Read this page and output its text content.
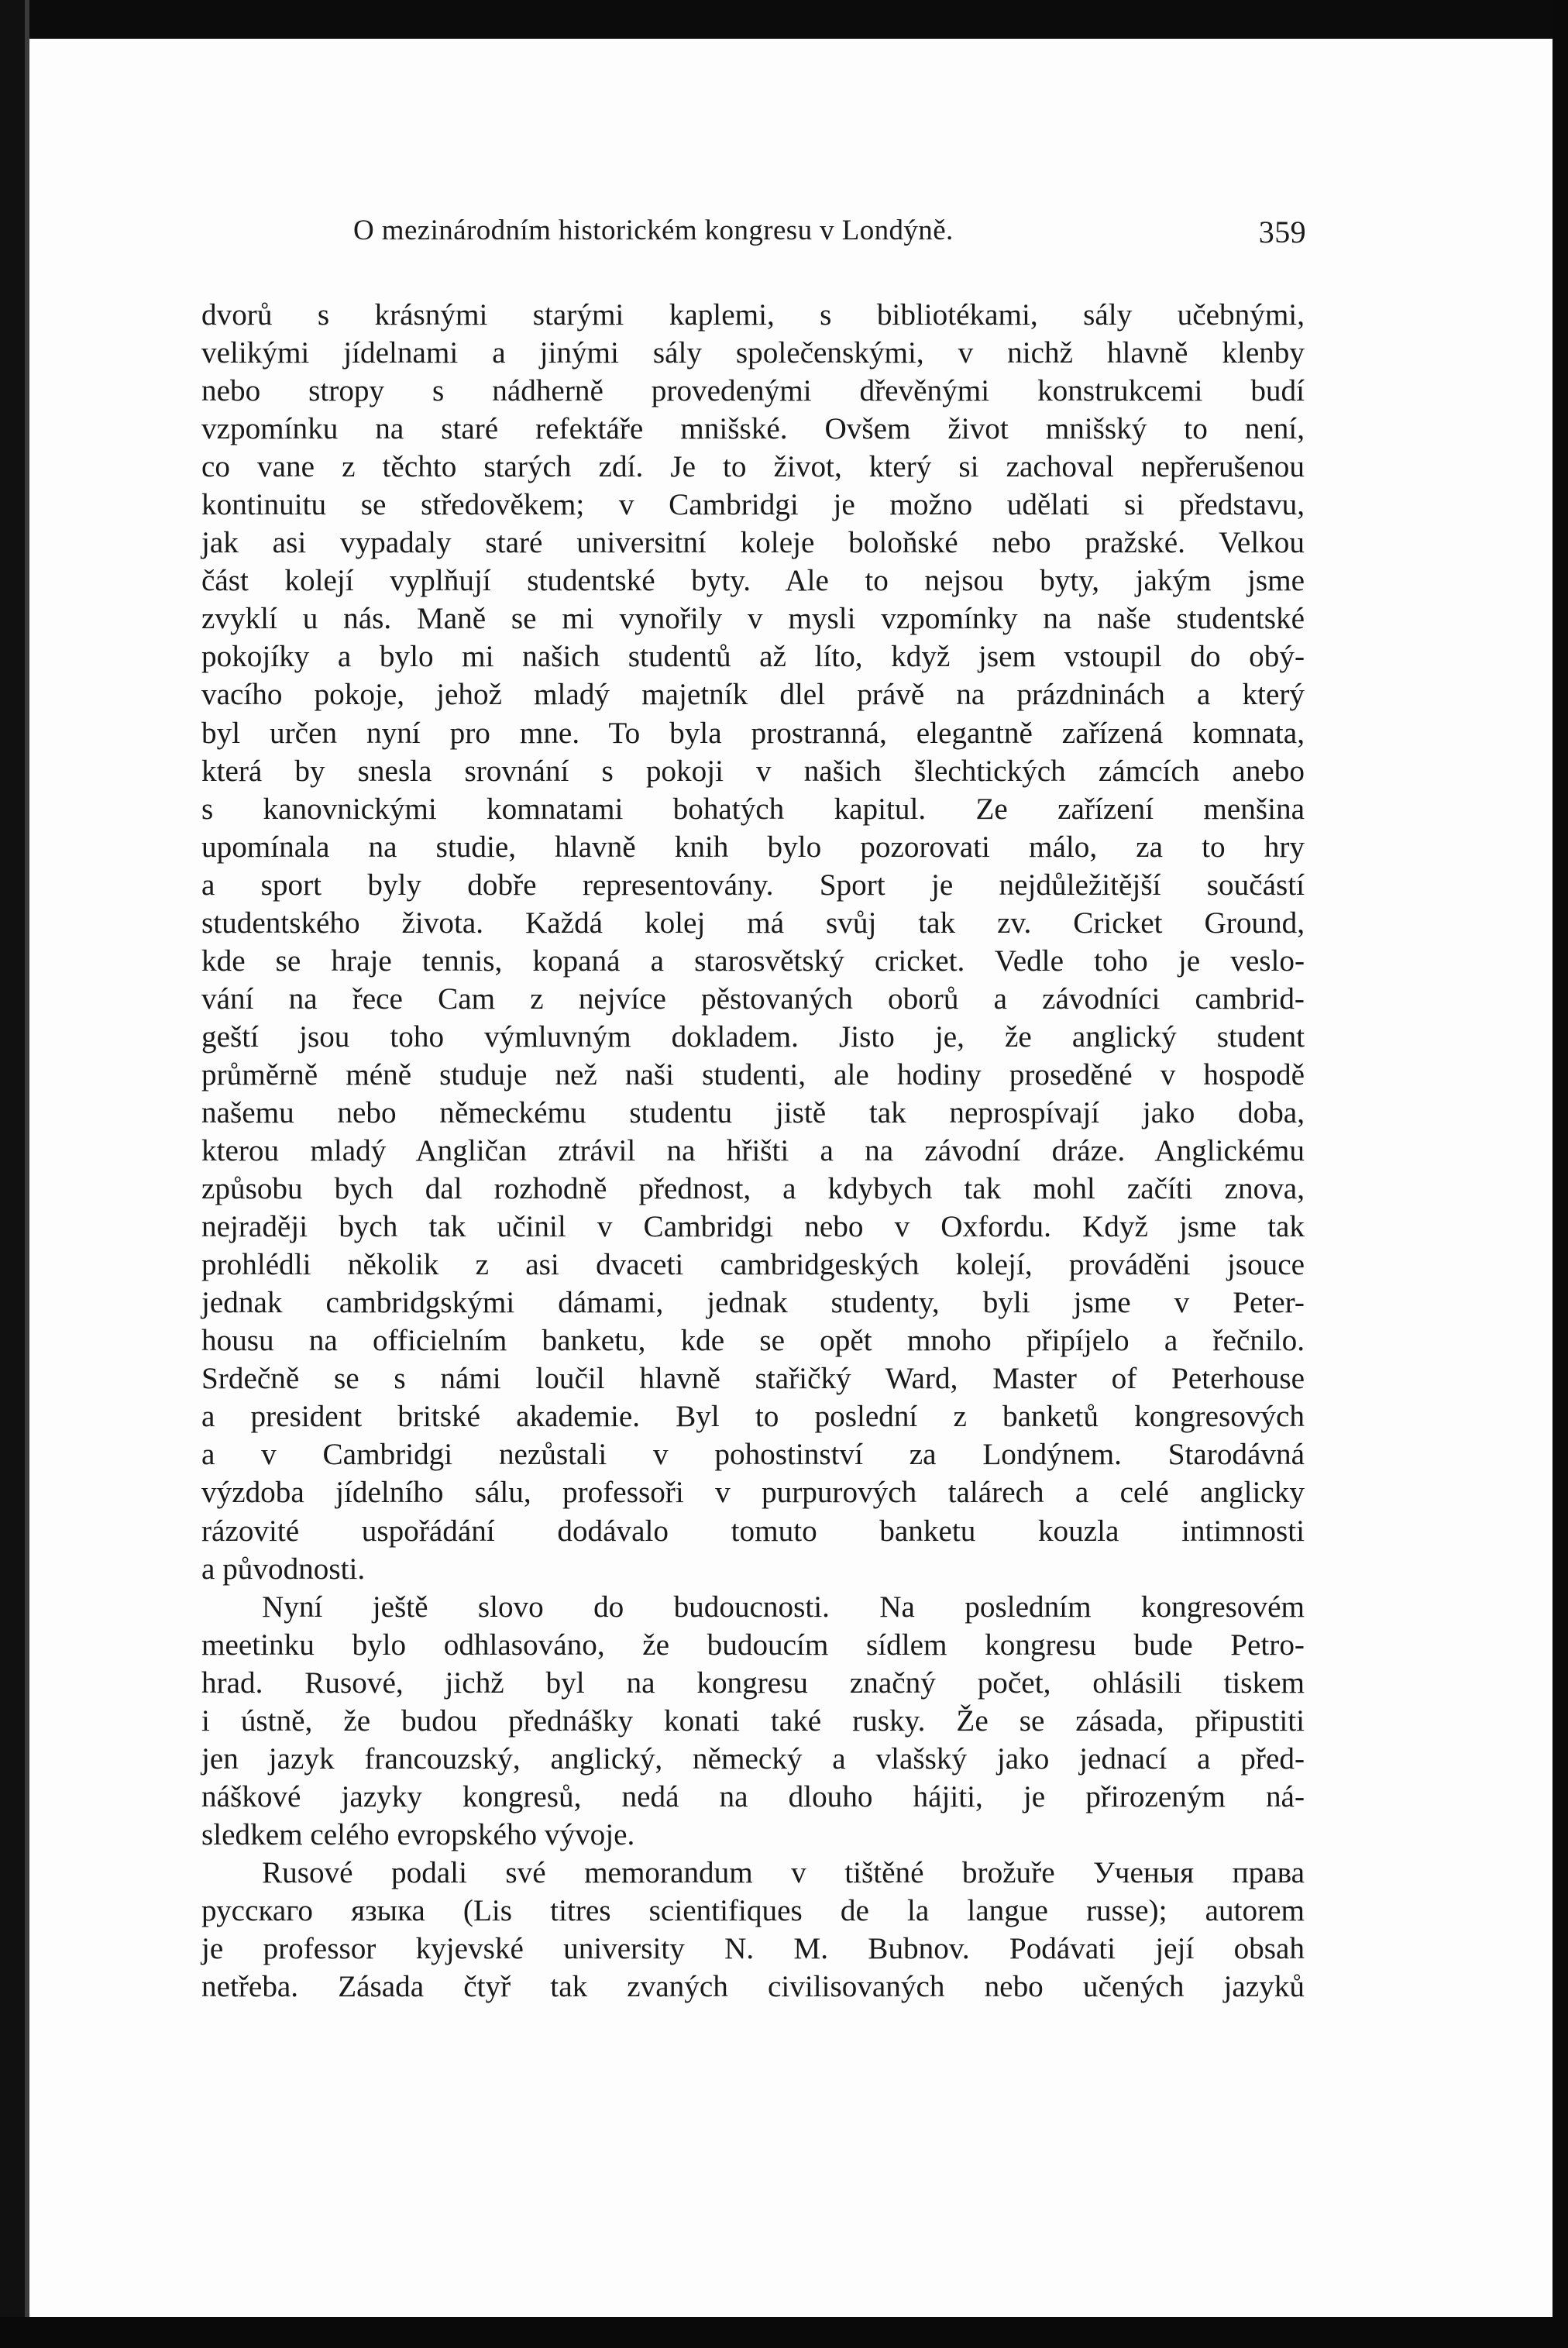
O mezinárodním historickém kongresu v Londýně.	359
dvorů s krásnými starými kaplemi, s bibliotékami, sály učebnými,
velikými jídelnami a jinými sály společenskými, v nichž hlavně klenby
nebo stropy s nádherně provedenými dřevěnými konstrukcemi budí
vzpomínku na staré refektáře mnišské. Ovšem život mnišský to není,
co vane z těchto starých zdí. Je to život, který si zachoval nepřerušenou
kontinuitu se středověkem; v Cambridgi je možno udělati si představu,
jak asi vypadaly staré universitní koleje boloňské nebo pražské. Velkou
část kolejí vyplňují studentské byty. Ale to nejsou byty, jakým jsme
zvyklí u nás. Maně se mi vynořily v mysli vzpomínky na naše studentské
pokojíky a bylo mi našich studentů až líto, když jsem vstoupil do obý-
vacího pokoje, jehož mladý majetník dlel právě na prázdninách a který
byl určen nyní pro mne. To byla prostranná, elegantně zařízená komnata,
která by snesla srovnání s pokoji v našich šlechtických zámcích anebo
s kanovnickými komnatami bohatých kapitul. Ze zařízení menšina
upomínala na studie, hlavně knih bylo pozorovati málo, za to hry
a sport byly dobře representovány. Sport je nejdůležitější součástí
studentského života. Každá kolej má svůj tak zv. Cricket Ground,
kde se hraje tennis, kopaná a starosvětský cricket. Vedle toho je veslo-
vání na řece Cam z nejvíce pěstovaných oborů a závodníci cambrid-
geští jsou toho výmluvným dokladem. Jisto je, že anglický student
průměrně méně studuje než naši studenti, ale hodiny proseděné v hospodě
našemu nebo německému studentu jistě tak neprospívají jako doba,
kterou mladý Angličan ztrávil na hřišti a na závodní dráze. Anglickému
způsobu bych dal rozhodně přednost, a kdybych tak mohl začíti znova,
nejraději bych tak učinil v Cambridgi nebo v Oxfordu. Když jsme tak
prohlédli několik z asi dvaceti cambridgeských kolejí, prováděni jsouce
jednak cambridgskými dámami, jednak studenty, byli jsme v Peter-
housu na officielním banketu, kde se opět mnoho připíjelo a řečnilo.
Srdečně se s námi loučil hlavně stařičký Ward, Master of Peterhouse
a president britské akademie. Byl to poslední z banketů kongresových
a v Cambridgi nezůstali v pohostinství za Londýnem. Starodávná
výzdoba jídelního sálu, professoři v purpurových talárech a celé anglicky
rázovité uspořádání dodávalo tomuto banketu kouzla intimnosti
a původnosti.
Nyní ještě slovo do budoucnosti. Na posledním kongresovém
meetinku bylo odhlasováno, že budoucím sídlem kongresu bude Petro-
hrad. Rusové, jichž byl na kongresu značný počet, ohlásili tiskem
i ústně, že budou přednášky konati také rusky. Že se zásada, připustiti
jen jazyk francouzský, anglický, německý a vlašský jako jednací a před-
náškové jazyky kongresů, nedá na dlouho hájiti, je přirozeným ná-
sledkem celého evropského vývoje.
Rusové podali své memorandum v tištěné brožuře Ученыя права
русскаго языка (Lis titres scientifiques de la langue russe); autorem
je professor kyjevské university N. M. Bubnov. Podávati její obsah
netřeba. Zásada čtyř tak zvaných civilisovaných nebo učených jazyků
